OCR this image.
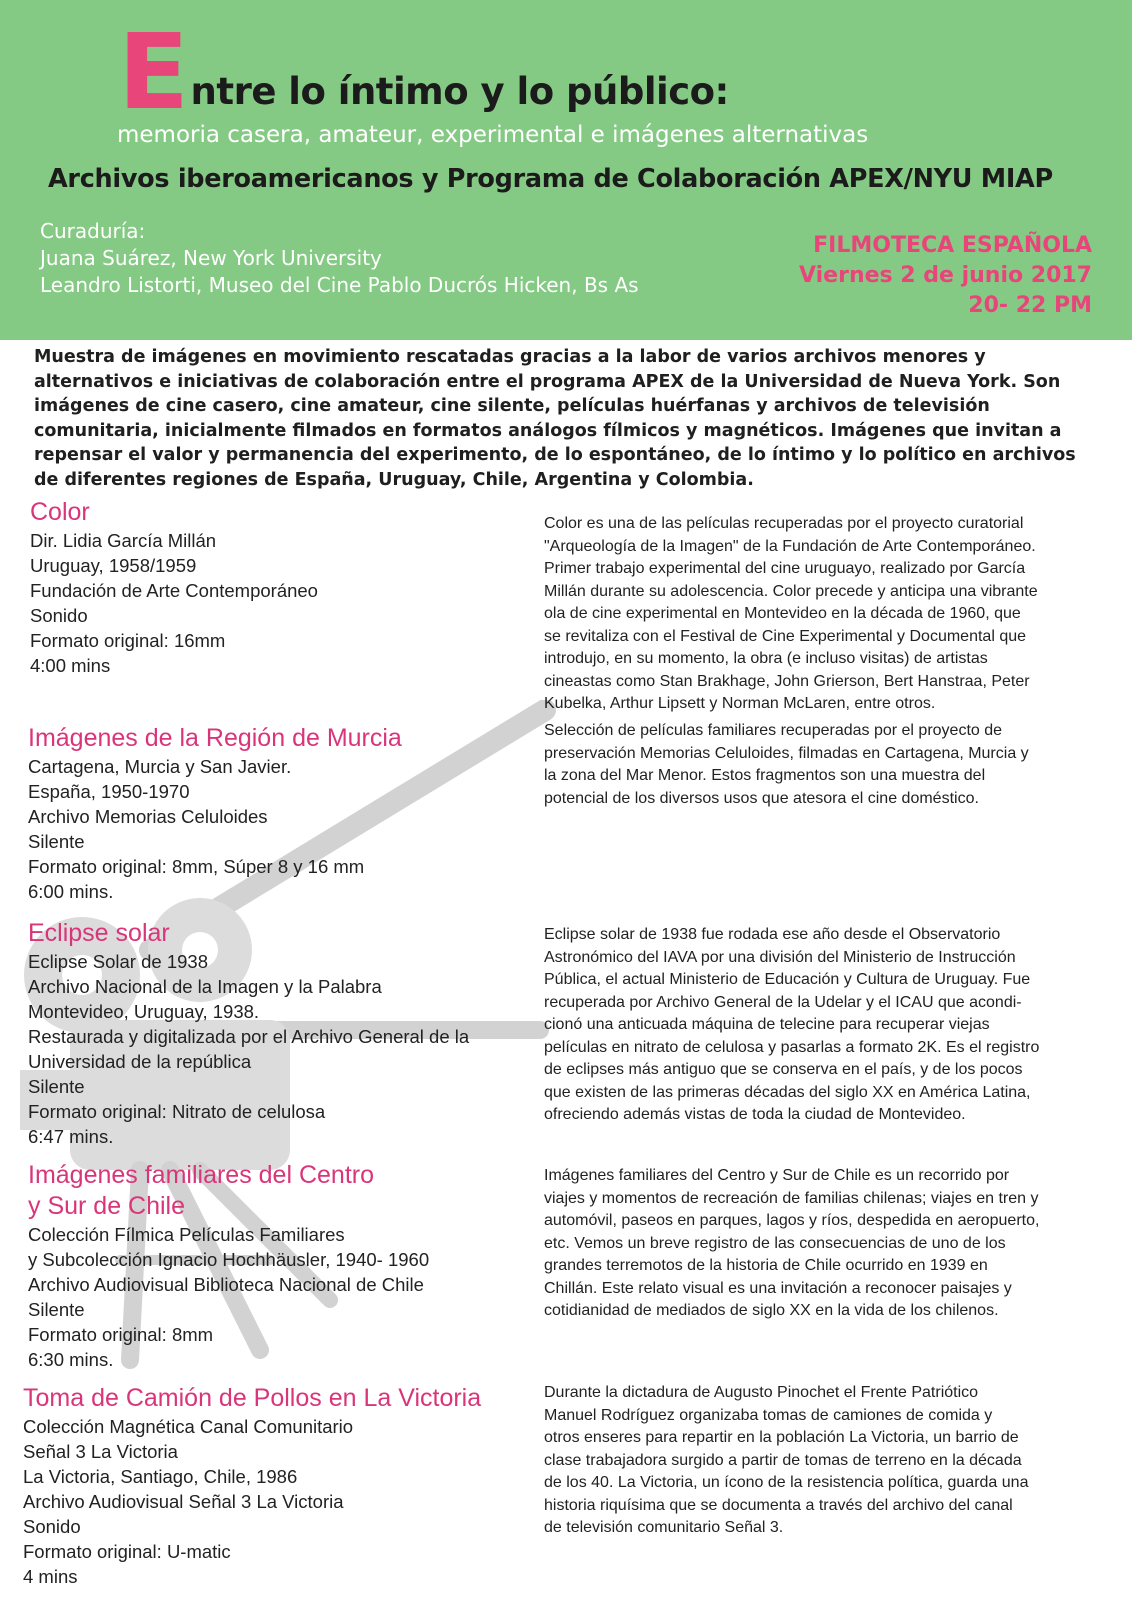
Entre lo íntimo y lo público:
memoria casera, amateur, experimental e imágenes alternativas
Archivos iberoamericanos y Programa de Colaboración APEX/NYU MIAP
Curaduría:
Juana Suárez, New York University
Leandro Listorti, Museo del Cine Pablo Ducrós Hicken, Bs As
FILMOTECA ESPAÑOLA
Viernes 2 de junio 2017
20- 22 PM
Muestra de imágenes en movimiento rescatadas gracias a la labor de varios archivos menores y alternativos e iniciativas de colaboración entre el programa APEX de la Universidad de Nueva York. Son imágenes de cine casero, cine amateur, cine silente, películas huérfanas y archivos de televisión comunitaria, inicialmente filmados en formatos análogos fílmicos y magnéticos. Imágenes que invitan a repensar el valor y permanencia del experimento, de lo espontáneo, de lo íntimo y lo político en archivos de diferentes regiones de España, Uruguay, Chile, Argentina y Colombia.
Color
Dir. Lidia García Millán
Uruguay, 1958/1959
Fundación de Arte Contemporáneo
Sonido
Formato original: 16mm
4:00 mins
Color es una de las películas recuperadas por el proyecto curatorial
"Arqueología de la Imagen" de la Fundación de Arte Contemporáneo.
Primer trabajo experimental del cine uruguayo, realizado por García
Millán durante su adolescencia. Color precede y anticipa una vibrante
ola de cine experimental en Montevideo en la década de 1960, que
se revitaliza con el Festival de Cine Experimental y Documental que
introdujo, en su momento, la obra (e incluso visitas) de artistas
cineastas como Stan Brakhage, John Grierson, Bert Hanstraa, Peter
Kubelka, Arthur Lipsett y Norman McLaren, entre otros.
Imágenes de la Región de Murcia
Cartagena, Murcia y San Javier.
España, 1950-1970
Archivo Memorias Celuloides
Silente
Formato original: 8mm, Súper 8 y 16 mm
6:00 mins.
Selección de películas familiares recuperadas por el proyecto de
preservación Memorias Celuloides, filmadas en Cartagena, Murcia y
la zona del Mar Menor. Estos fragmentos son una muestra del
potencial de los diversos usos que atesora el cine doméstico.
Eclipse solar
Eclipse Solar de 1938
Archivo Nacional de la Imagen y la Palabra
Montevideo, Uruguay, 1938.
Restaurada y digitalizada por el Archivo General de la
Universidad de la república
Silente
Formato original: Nitrato de celulosa
6:47 mins.
Eclipse solar de 1938 fue rodada ese año desde el Observatorio
Astronómico del IAVA por una división del Ministerio de Instrucción
Pública, el actual Ministerio de Educación y Cultura de Uruguay. Fue
recuperada por Archivo General de la Udelar y el ICAU que acondi-
cionó una anticuada máquina de telecine para recuperar viejas
películas en nitrato de celulosa y pasarlas a formato 2K. Es el registro
de eclipses más antiguo que se conserva en el país, y de los pocos
que existen de las primeras décadas del siglo XX en América Latina,
ofreciendo además vistas de toda la ciudad de Montevideo.
Imágenes familiares del Centro
y Sur de Chile
Colección Fílmica Películas Familiares
y Subcolección Ignacio Hochhäusler, 1940- 1960
Archivo Audiovisual Biblioteca Nacional de Chile
Silente
Formato original: 8mm
6:30 mins.
Imágenes familiares del Centro y Sur de Chile es un recorrido por
viajes y momentos de recreación de familias chilenas; viajes en tren y
automóvil, paseos en parques, lagos y ríos, despedida en aeropuerto,
etc. Vemos un breve registro de las consecuencias de uno de los
grandes terremotos de la historia de Chile ocurrido en 1939 en
Chillán. Este relato visual es una invitación a reconocer paisajes y
cotidianidad de mediados de siglo XX en la vida de los chilenos.
Toma de Camión de Pollos en La Victoria
Colección Magnética Canal Comunitario
Señal 3 La Victoria
La Victoria, Santiago, Chile, 1986
Archivo Audiovisual Señal 3 La Victoria
Sonido
Formato original: U-matic
4 mins
Durante la dictadura de Augusto Pinochet el Frente Patriótico
Manuel Rodríguez organizaba tomas de camiones de comida y
otros enseres para repartir en la población La Victoria, un barrio de
clase trabajadora surgido a partir de tomas de terreno en la década
de los 40. La Victoria, un ícono de la resistencia política, guarda una
historia riquísima que se documenta a través del archivo del canal
de televisión comunitario Señal 3.
